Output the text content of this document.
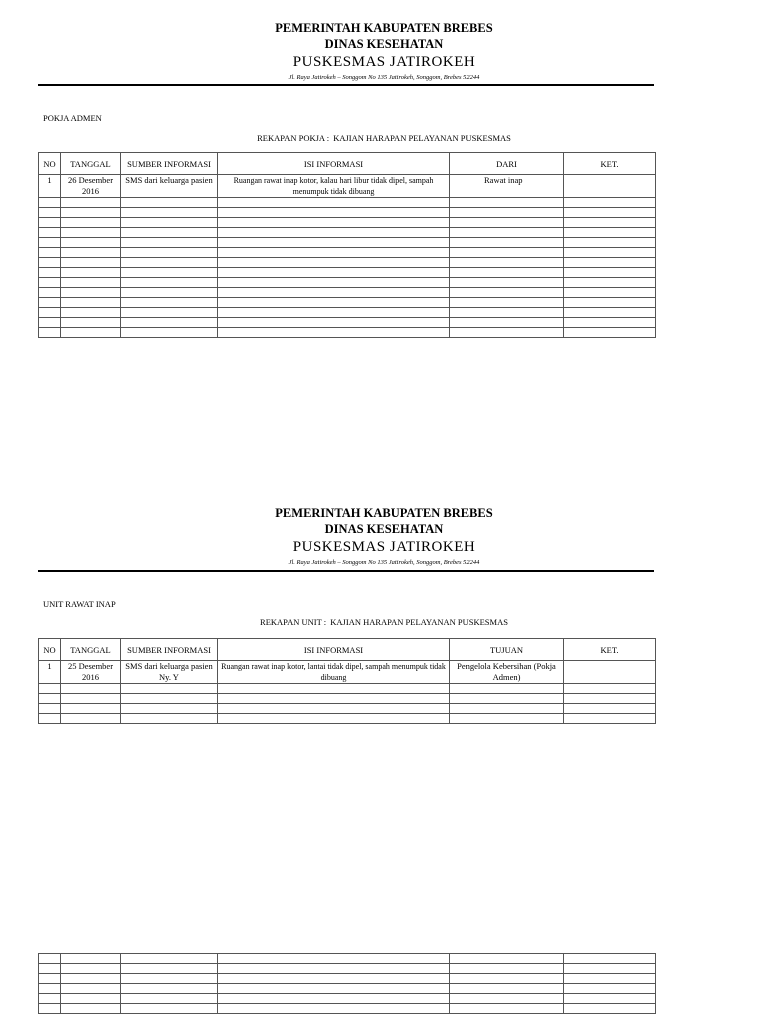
PEMERINTAH KABUPATEN BREBES
DINAS KESEHATAN
PUSKESMAS JATIROKEH
Jl. Raya Jatirokeh – Songgom No 135 Jatirokeh, Songgom, Brebes 52244
-
POKJA ADMEN
REKAPAN POKJA : KAJIAN HARAPAN PELAYANAN PUSKESMAS
NO	TANGGAL	SUMBER INFORMASI	ISI INFORMASI	DARI	KET.
1	26 Desember 2016	SMS dari keluarga pasien	Ruangan rawat inap kotor, kalau hari libur tidak dipel, sampah menumpuk tidak dibuang	Rawat inap	

PEMERINTAH KABUPATEN BREBES
DINAS KESEHATAN
PUSKESMAS JATIROKEH
Jl. Raya Jatirokeh – Songgom No 135 Jatirokeh, Songgom, Brebes 52244
-
UNIT RAWAT INAP
REKAPAN UNIT : KAJIAN HARAPAN PELAYANAN PUSKESMAS
NO	TANGGAL	SUMBER INFORMASI	ISI INFORMASI	TUJUAN	KET.
1	25 Desember 2016	SMS dari keluarga pasien Ny. Y	Ruangan rawat inap kotor, lantai tidak dipel, sampah menumpuk tidak dibuang	Pengelola Kebersihan (Pokja Admen)	
